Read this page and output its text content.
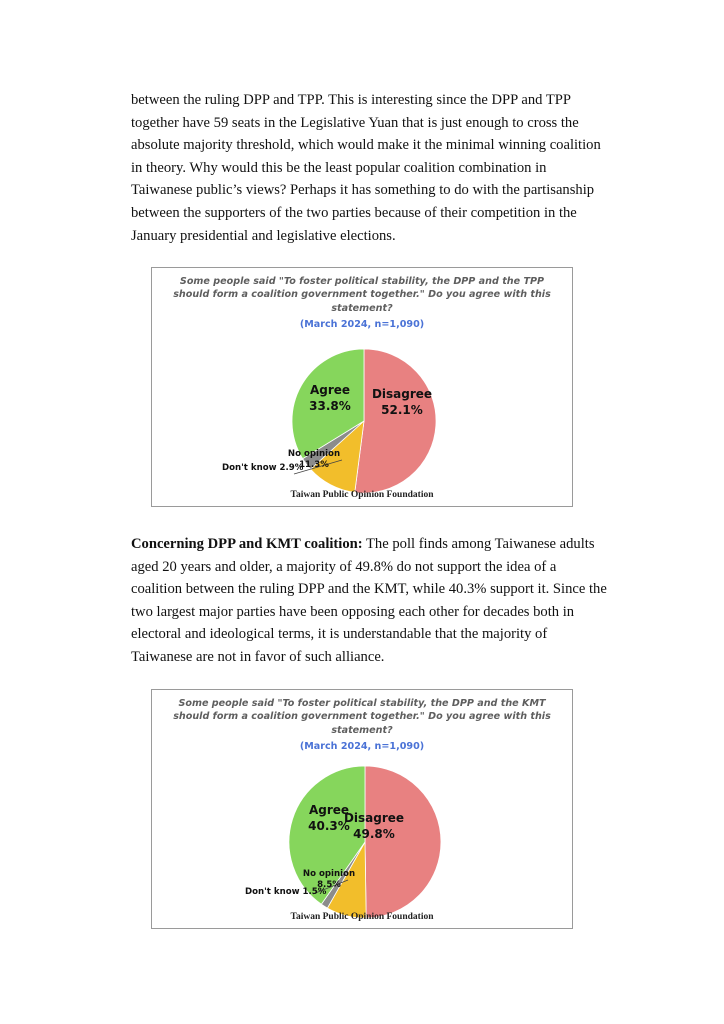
between the ruling DPP and TPP. This is interesting since the DPP and TPP together have 59 seats in the Legislative Yuan that is just enough to cross the absolute majority threshold, which would make it the minimal winning coalition in theory. Why would this be the least popular coalition combination in Taiwanese public’s views? Perhaps it has something to do with the partisanship between the supporters of the two parties because of their competition in the January presidential and legislative elections.

Some people said "To foster political stability, the DPP and the TPP should form a coalition government together." Do you agree with this statement?

(March 2024, n=1,090)

Disagree
52.1%
No opinion
11.3%
Don't know 2.9%
Agree
33.8%
Taiwan Public Opinion Foundation

Concerning DPP and KMT coalition: The poll finds among Taiwanese adults aged 20 years and older, a majority of 49.8% do not support the idea of a coalition between the ruling DPP and the KMT, while 40.3% support it. Since the two largest major parties have been opposing each other for decades both in electoral and ideological terms, it is understandable that the majority of Taiwanese are not in favor of such alliance.

Some people said "To foster political stability, the DPP and the KMT should form a coalition government together." Do you agree with this statement?

(March 2024, n=1,090)

Disagree
49.8%
No opinion
8.5%
Don't know 1.5%
Agree
40.3%
Taiwan Public Opinion Foundation
